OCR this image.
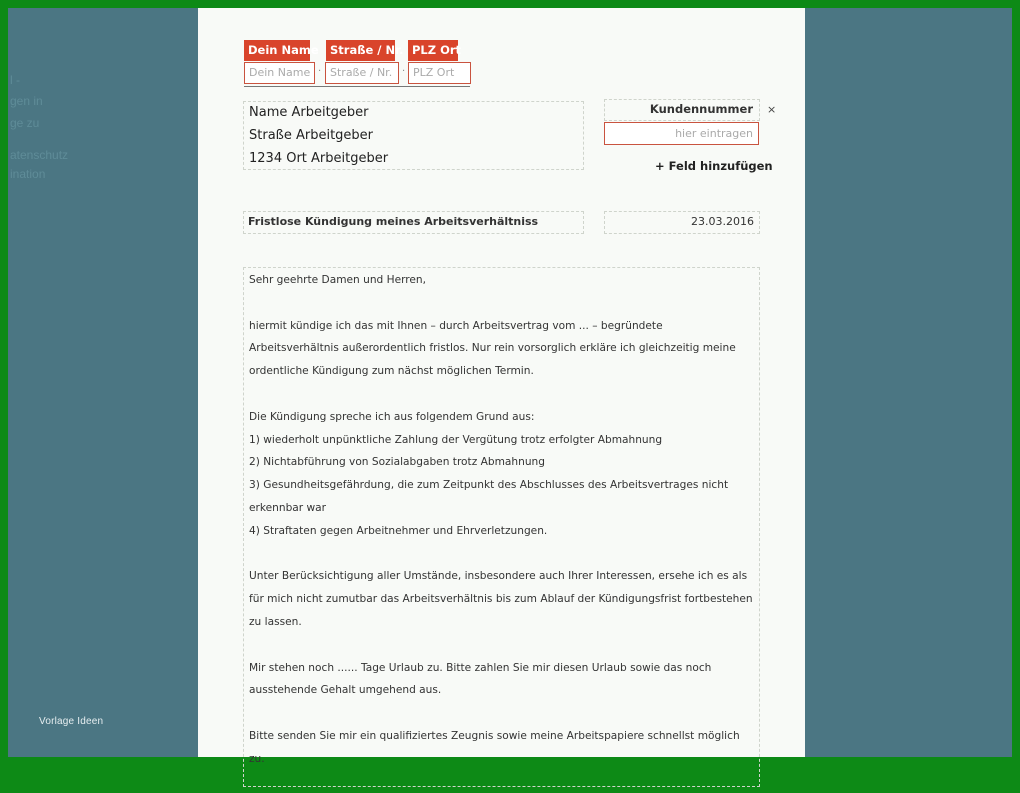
l -
gen in
ge zu
atenschutz
ination
Vorlage Ideen
Dein Name Straße / Nr. PLZ Ort
Dein Name · Straße / Nr. · PLZ Ort
Name Arbeitgeber
Straße Arbeitgeber
1234 Ort Arbeitgeber
Kundennummer ×
hier eintragen
+ Feld hinzufügen
Fristlose Kündigung meines Arbeitsverhältniss	23.03.2016

Sehr geehrte Damen und Herren,

hiermit kündige ich das mit Ihnen – durch Arbeitsvertrag vom ... – begründete
Arbeitsverhältnis außerordentlich fristlos. Nur rein vorsorglich erkläre ich gleichzeitig meine
ordentliche Kündigung zum nächst möglichen Termin.

Die Kündigung spreche ich aus folgendem Grund aus:
1) wiederholt unpünktliche Zahlung der Vergütung trotz erfolgter Abmahnung
2) Nichtabführung von Sozialabgaben trotz Abmahnung
3) Gesundheitsgefährdung, die zum Zeitpunkt des Abschlusses des Arbeitsvertrages nicht
erkennbar war
4) Straftaten gegen Arbeitnehmer und Ehrverletzungen.

Unter Berücksichtigung aller Umstände, insbesondere auch Ihrer Interessen, ersehe ich es als
für mich nicht zumutbar das Arbeitsverhältnis bis zum Ablauf der Kündigungsfrist fortbestehen
zu lassen.

Mir stehen noch ...... Tage Urlaub zu. Bitte zahlen Sie mir diesen Urlaub sowie das noch
ausstehende Gehalt umgehend aus.

Bitte senden Sie mir ein qualifiziertes Zeugnis sowie meine Arbeitspapiere schnellst möglich zu.
